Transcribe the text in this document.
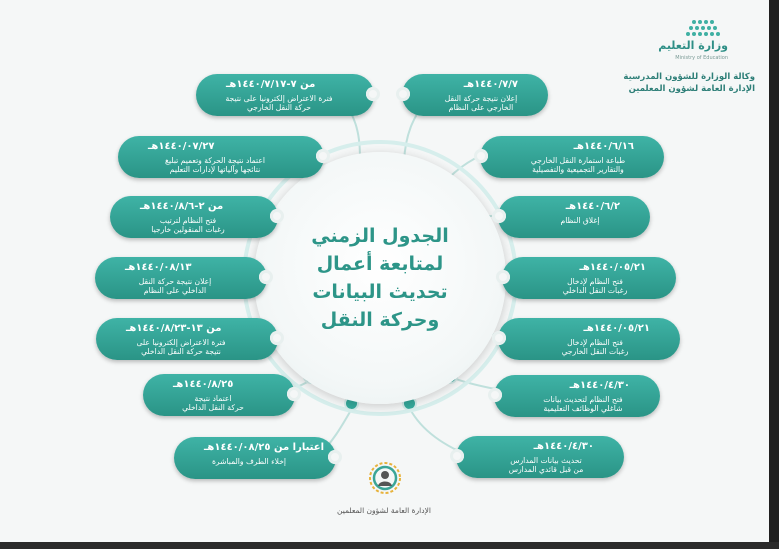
وزارة التعليم
Ministry of Education
وكالة الوزارة للشؤون المدرسية
الإدارة العامة لشؤون المعلمين
الجدول الزمني
لمتابعة أعمال
تحديث البيانات
وحركة النقل
من ٧-١٤٤٠/٧/١٧هـ
فترة الاعتراض إلكترونيا على نتيجة
حركة النقل الخارجي
١٤٤٠/٠٧/٢٧هـ
اعتماد نتيجة الحركة وتعميم تبليغ
نتائجها وآلياتها لإدارات التعليم
من ٢-١٤٤٠/٨/٦هـ
فتح النظام لترتيب
رغبات المنقولين خارجيا
١٤٤٠/٠٨/١٣هـ
إعلان نتيجة حركة النقل
الداخلي على النظام
من ١٣-١٤٤٠/٨/٢٣هـ
فترة الاعتراض إلكترونيا على
نتيجة حركة النقل الداخلي
١٤٤٠/٨/٢٥هـ
اعتماد نتيجة
حركة النقل الداخلي
اعتبارا من ١٤٤٠/٠٨/٢٥هـ
إخلاء الطرف والمباشرة
١٤٤٠/٧/٧هـ
إعلان نتيجة حركة النقل
الخارجي على النظام
١٤٤٠/٦/١٦هـ
طباعة استمارة النقل الخارجي
والتقارير التجميعية والتفصيلية
١٤٤٠/٦/٢هـ
إغلاق النظام
١٤٤٠/٠٥/٢١هـ
فتح النظام لإدخال
رغبات النقل الداخلي
١٤٤٠/٠٥/٢١هـ
فتح النظام لإدخال
رغبات النقل الخارجي
١٤٤٠/٤/٣٠هـ
فتح النظام لتحديث بيانات
شاغلي الوظائف التعليمية
١٤٤٠/٤/٣٠هـ
تحديث بيانات المدارس
من قبل قائدي المدارس
الإدارة العامة لشؤون المعلمين
